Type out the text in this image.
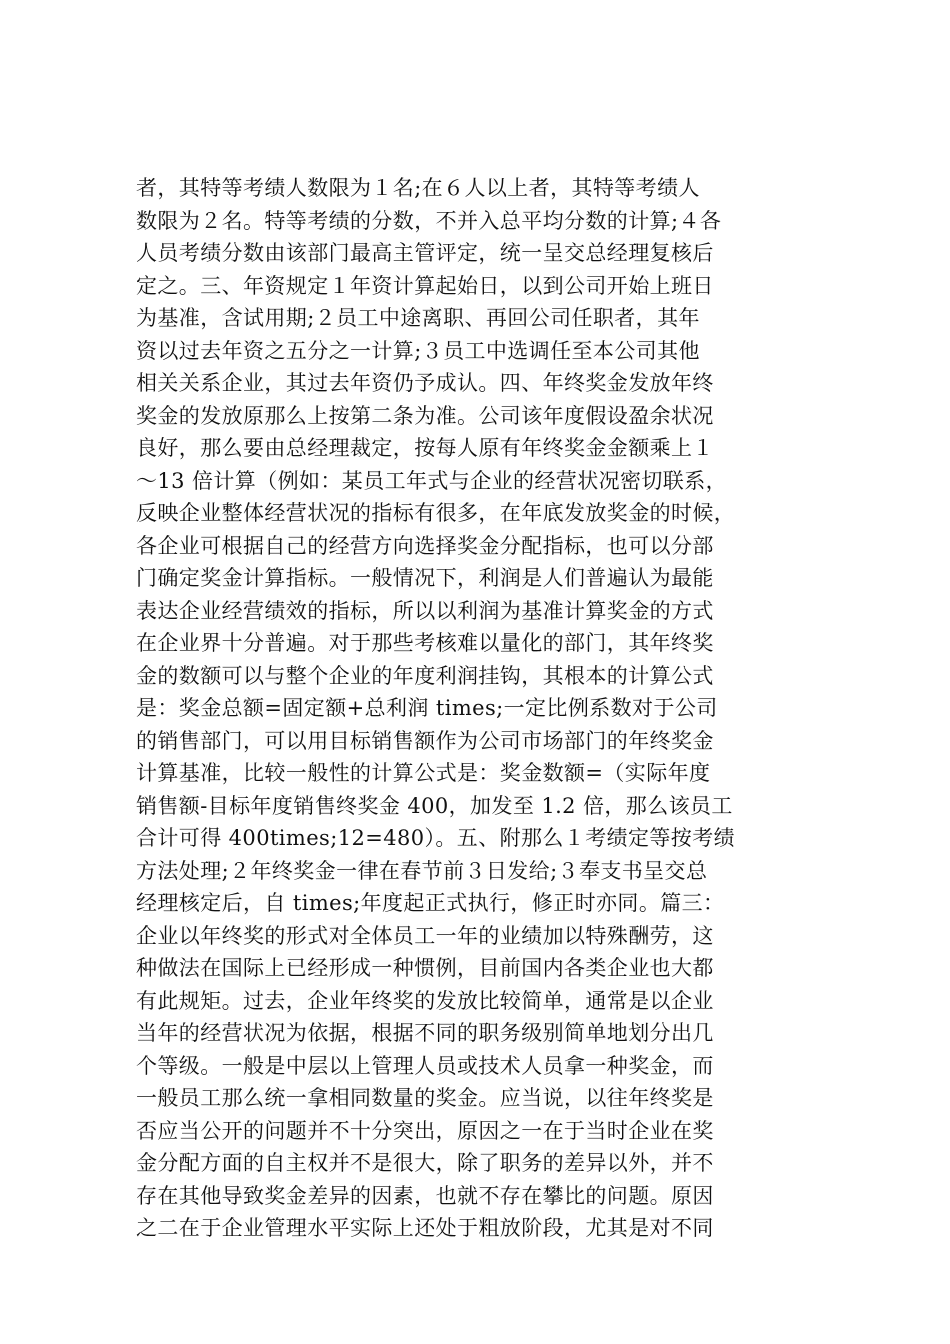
者，其特等考绩人数限为１名;在６人以上者，其特等考绩人
数限为２名。特等考绩的分数，不并入总平均分数的计算;４各
人员考绩分数由该部门最高主管评定，统一呈交总经理复核后
定之。三、年资规定１年资计算起始日，以到公司开始上班日
为基准，含试用期;２员工中途离职、再回公司任职者，其年
资以过去年资之五分之一计算;３员工中选调任至本公司其他
相关关系企业，其过去年资仍予成认。四、年终奖金发放年终
奖金的发放原那么上按第二条为准。公司该年度假设盈余状况
良好，那么要由总经理裁定，按每人原有年终奖金金额乘上１
～13 倍计算（例如：某员工年式与企业的经营状况密切联系，
反映企业整体经营状况的指标有很多，在年底发放奖金的时候，
各企业可根据自己的经营方向选择奖金分配指标，也可以分部
门确定奖金计算指标。一般情况下，利润是人们普遍认为最能
表达企业经营绩效的指标，所以以利润为基准计算奖金的方式
在企业界十分普遍。对于那些考核难以量化的部门，其年终奖
金的数额可以与整个企业的年度利润挂钩，其根本的计算公式
是：奖金总额=固定额+总利润 times;一定比例系数对于公司
的销售部门，可以用目标销售额作为公司市场部门的年终奖金
计算基准，比较一般性的计算公式是：奖金数额=（实际年度
销售额-目标年度销售终奖金 400，加发至 1.2 倍，那么该员工
合计可得 400times;12=480）。五、附那么１考绩定等按考绩
方法处理;２年终奖金一律在春节前３日发给;３奉支书呈交总
经理核定后，自 times;年度起正式执行，修正时亦同。篇三：
企业以年终奖的形式对全体员工一年的业绩加以特殊酬劳，这
种做法在国际上已经形成一种惯例，目前国内各类企业也大都
有此规矩。过去，企业年终奖的发放比较简单，通常是以企业
当年的经营状况为依据，根据不同的职务级别简单地划分出几
个等级。一般是中层以上管理人员或技术人员拿一种奖金，而
一般员工那么统一拿相同数量的奖金。应当说，以往年终奖是
否应当公开的问题并不十分突出，原因之一在于当时企业在奖
金分配方面的自主权并不是很大，除了职务的差异以外，并不
存在其他导致奖金差异的因素，也就不存在攀比的问题。原因
之二在于企业管理水平实际上还处于粗放阶段，尤其是对不同
